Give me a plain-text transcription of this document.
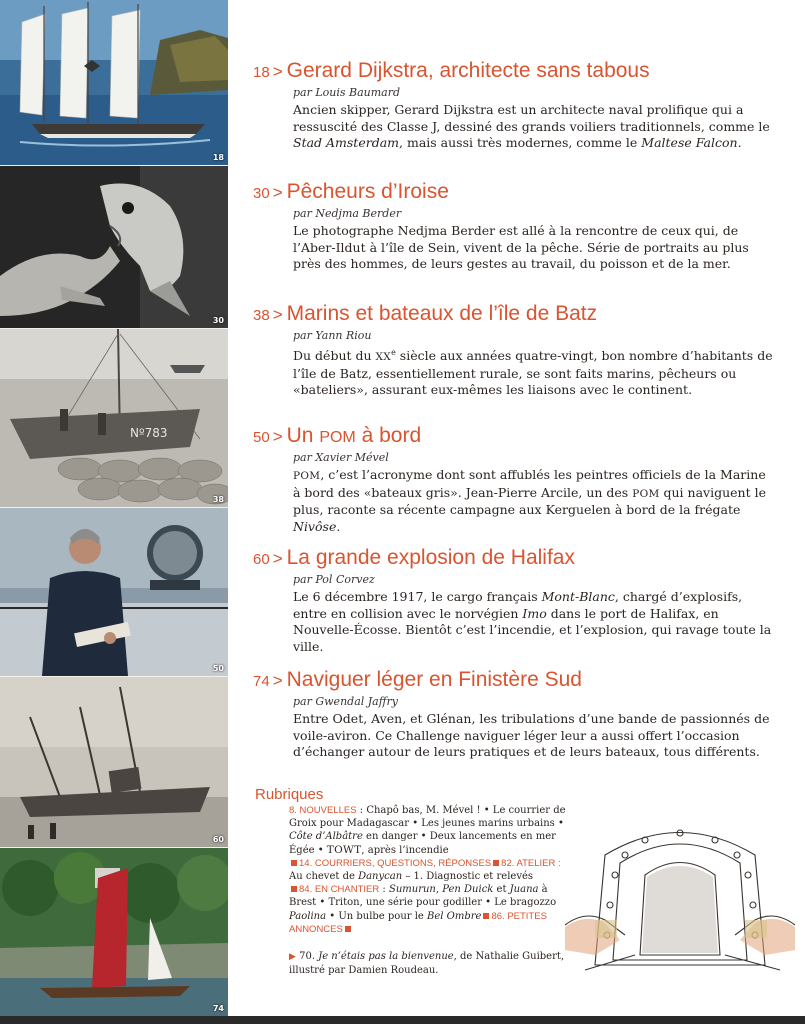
18
30
Nº783
38
50
60
74
18 > Gerard Dijkstra, architecte sans tabous
par Louis Baumard
Ancien skipper, Gerard Dijkstra est un architecte naval prolifique qui a ressuscité des Classe J, dessiné des grands voiliers traditionnels, comme le Stad Amsterdam, mais aussi très modernes, comme le Maltese Falcon.
30 > Pêcheurs d’Iroise
par Nedjma Berder
Le photographe Nedjma Berder est allé à la rencontre de ceux qui, de l’Aber-Ildut à l’île de Sein, vivent de la pêche. Série de portraits au plus près des hommes, de leurs gestes au travail, du poisson et de la mer.
38 > Marins et bateaux de l’île de Batz
par Yann Riou
Du début du XXe siècle aux années quatre-vingt, bon nombre d’habitants de l’île de Batz, essentiellement rurale, se sont faits marins, pêcheurs ou «bateliers», assurant eux-mêmes les liaisons avec le continent.
50 > Un POM à bord
par Xavier Mével
POM, c’est l’acronyme dont sont affublés les peintres officiels de la Marine à bord des «bateaux gris». Jean-Pierre Arcile, un des POM qui naviguent le plus, raconte sa récente campagne aux Kerguelen à bord de la frégate Nivôse.
60 > La grande explosion de Halifax
par Pol Corvez
Le 6 décembre 1917, le cargo français Mont-Blanc, chargé d’explosifs, entre en collision avec le norvégien Imo dans le port de Halifax, en Nouvelle-Écosse. Bientôt c’est l’incendie, et l’explosion, qui ravage toute la ville.
74 > Naviguer léger en Finistère Sud
par Gwendal Jaffry
Entre Odet, Aven, et Glénan, les tribulations d’une bande de passionnés de voile-aviron. Ce Challenge naviguer léger leur a aussi offert l’occasion d’échanger autour de leurs pratiques et de leurs bateaux, tous différents.
Rubriques
8. NOUVELLES : Chapô bas, M. Mével ! • Le courrier de Groix pour Madagascar • Les jeunes marins urbains • Côte d’Albâtre en danger • Deux lancements en mer Égée • TOWT, après l’incendie
14. COURRIERS, QUESTIONS, RÉPONSES 82. ATELIER : Au chevet de Danycan – 1. Diagnostic et relevés
84. EN CHANTIER : Sumurun, Pen Duick et Juana à Brest • Triton, une série pour godiller • Le bragozzo Paolina • Un bulbe pour le Bel Ombre 86. PETITES ANNONCES
▶ 70. Je n’étais pas la bienvenue, de Nathalie Guibert, illustré par Damien Roudeau.
